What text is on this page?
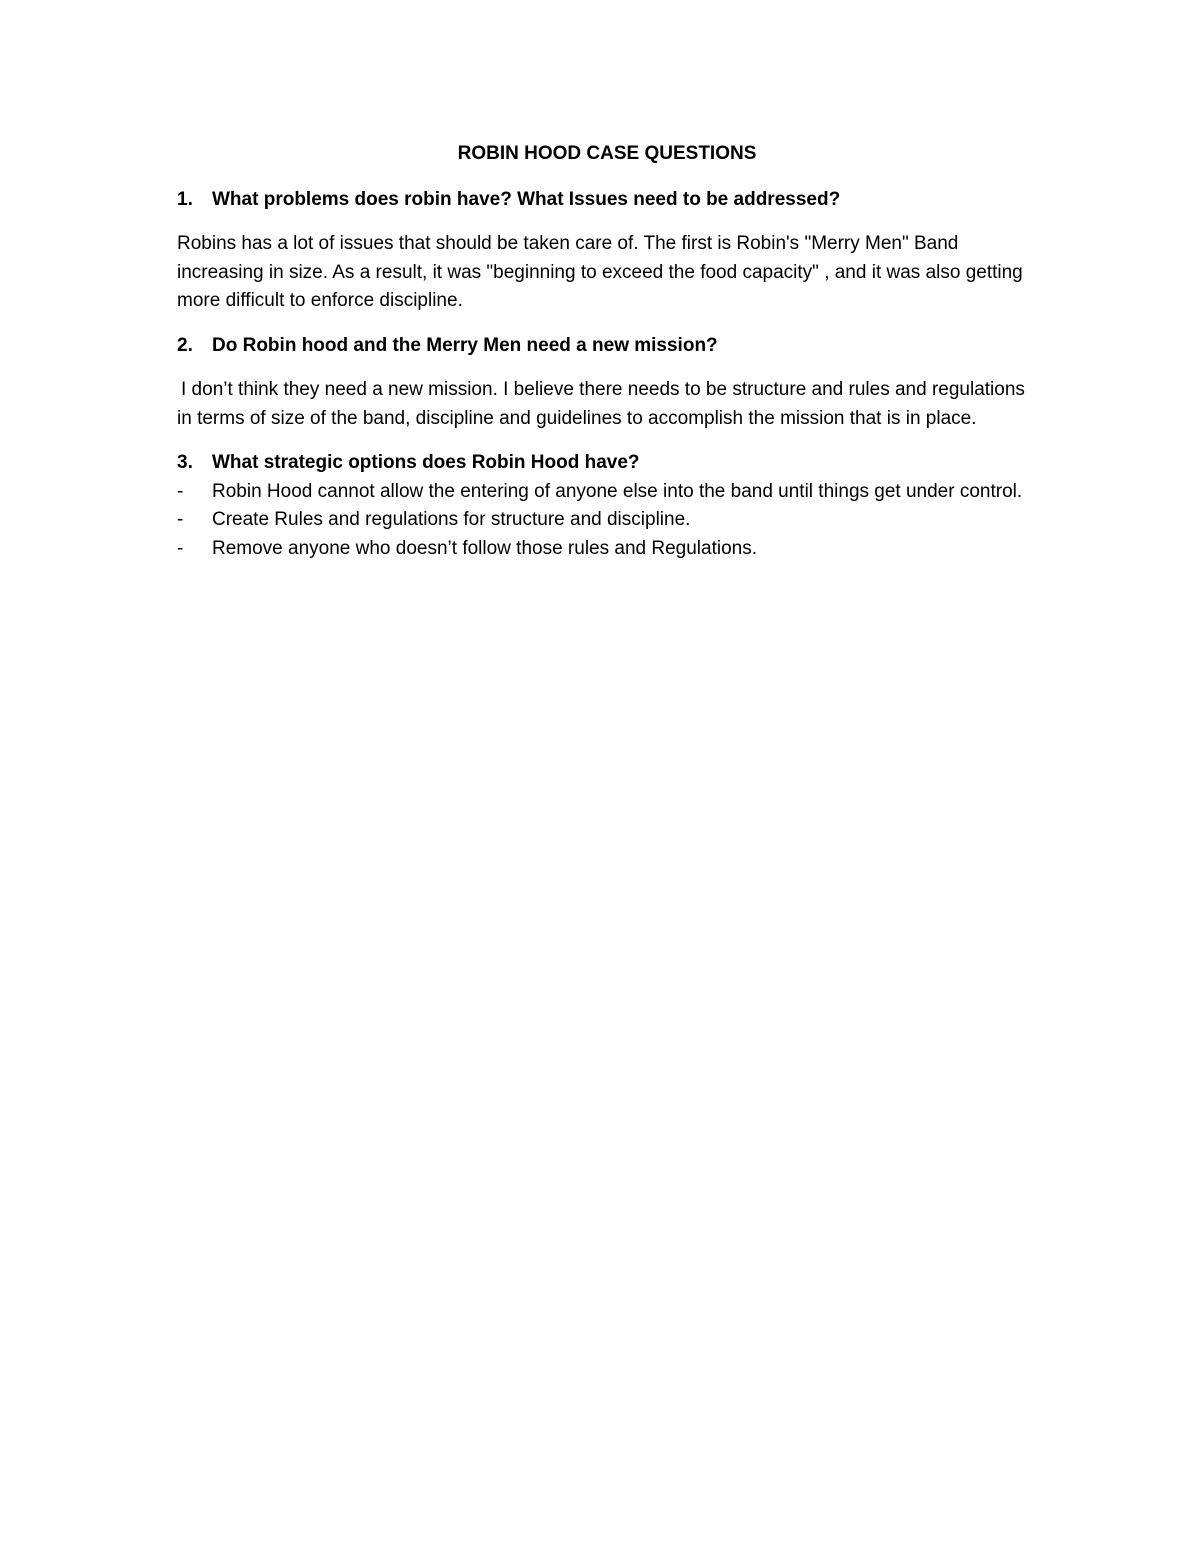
ROBIN HOOD CASE QUESTIONS
1.	What problems does robin have? What Issues need to be addressed?

Robins has a lot of issues that should be taken care of. The first is Robin's "Merry Men" Band increasing in size. As a result, it was "beginning to exceed the food capacity" , and it was also getting more difficult to enforce discipline.

2.	Do Robin hood and the Merry Men need a new mission?

I don’t think they need a new mission. I believe there needs to be structure and rules and regulations in terms of size of the band, discipline and guidelines to accomplish the mission that is in place.

3.	What strategic options does Robin Hood have?
-	Robin Hood cannot allow the entering of anyone else into the band until things get under control.
-	Create Rules and regulations for structure and discipline.
-	Remove anyone who doesn’t follow those rules and Regulations.
